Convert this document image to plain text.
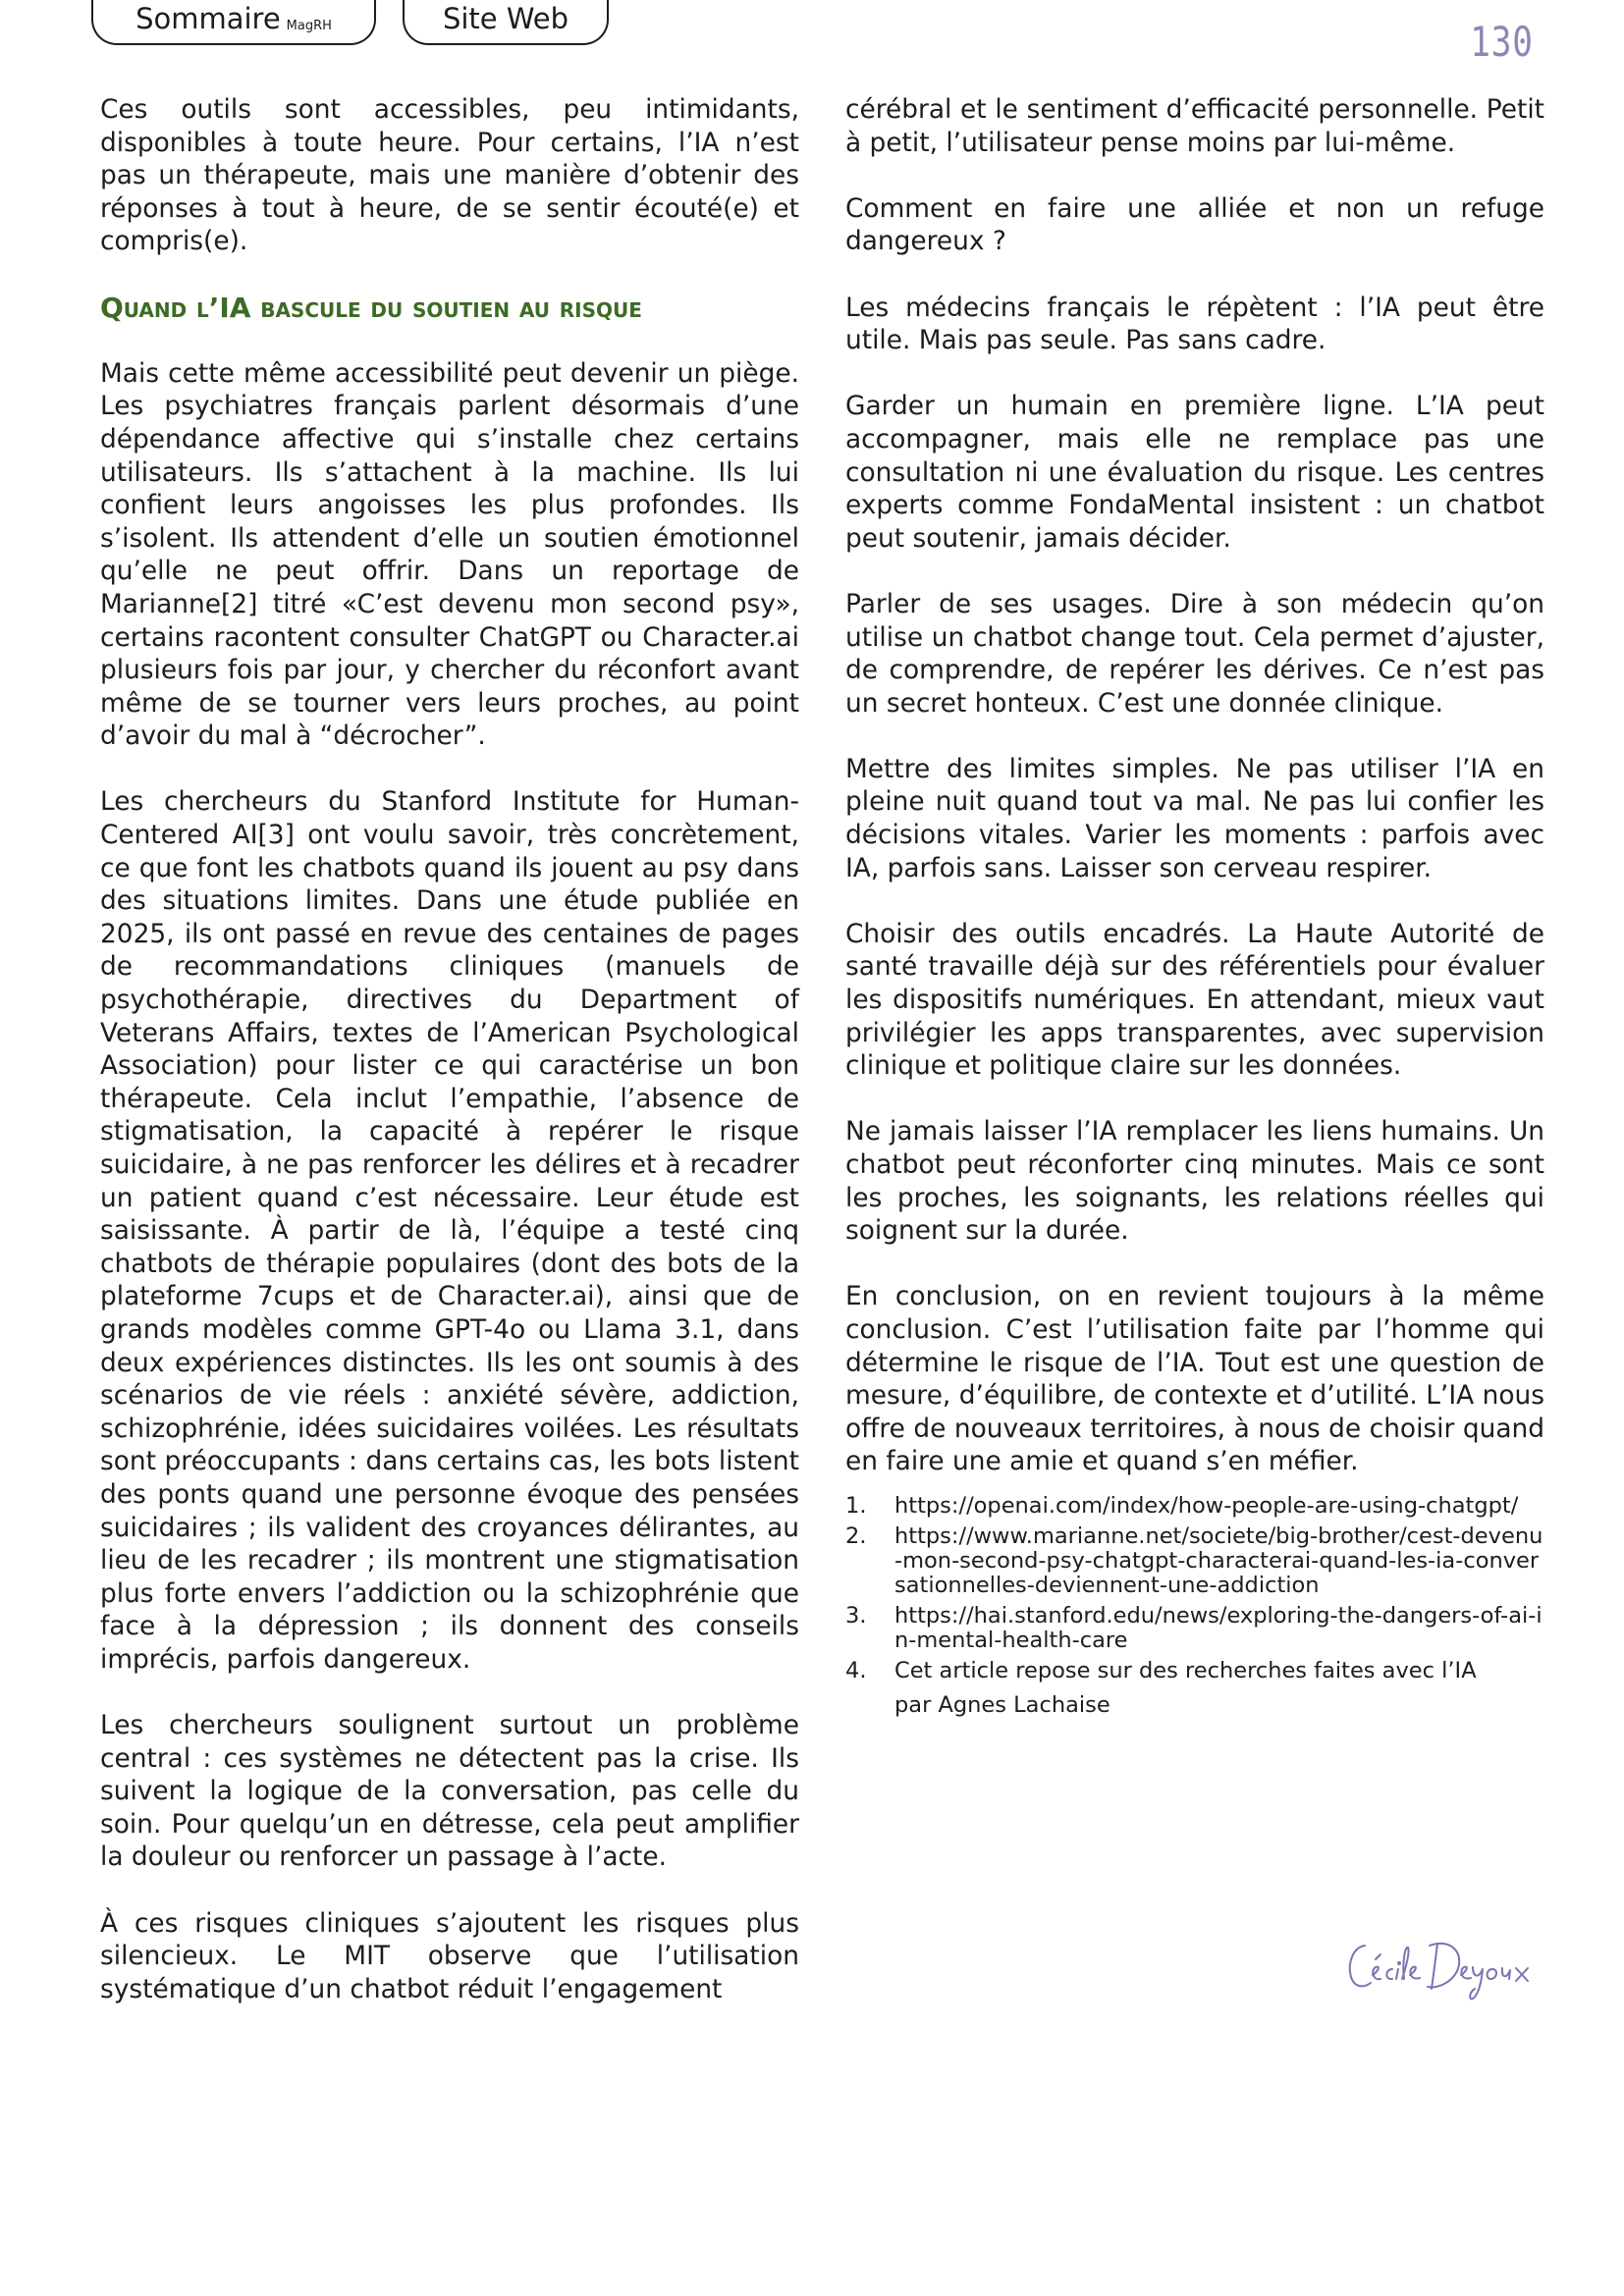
Sommaire MagRH	Site Web	130

Ces outils sont accessibles, peu intimidants, disponibles à toute heure. Pour certains, l’IA n’est pas un thérapeute, mais une manière d’obtenir des réponses à tout à heure, de se sentir écouté(e) et compris(e).

Quand l’IA bascule du soutien au risque

Mais cette même accessibilité peut devenir un piège. Les psychiatres français parlent désormais d’une dépendance affective qui s’installe chez certains utilisateurs. Ils s’attachent à la machine. Ils lui confient leurs angoisses les plus profondes. Ils s’isolent. Ils attendent d’elle un soutien émotionnel qu’elle ne peut offrir. Dans un reportage de Marianne[2] titré «C’est devenu mon second psy», certains racontent consulter ChatGPT ou Character.ai plusieurs fois par jour, y chercher du réconfort avant même de se tourner vers leurs proches, au point d’avoir du mal à “décrocher”.

Les chercheurs du Stanford Institute for Human-Centered AI[3] ont voulu savoir, très concrètement, ce que font les chatbots quand ils jouent au psy dans des situations limites. Dans une étude publiée en 2025, ils ont passé en revue des centaines de pages de recommandations cliniques (manuels de psychothérapie, directives du Department of Veterans Affairs, textes de l’American Psychological Association) pour lister ce qui caractérise un bon thérapeute. Cela inclut l’empathie, l’absence de stigmatisation, la capacité à repérer le risque suicidaire, à ne pas renforcer les délires et à recadrer un patient quand c’est nécessaire. Leur étude est saisissante. À partir de là, l’équipe a testé cinq chatbots de thérapie populaires (dont des bots de la plateforme 7cups et de Character.ai), ainsi que de grands modèles comme GPT-4o ou Llama 3.1, dans deux expériences distinctes. Ils les ont soumis à des scénarios de vie réels : anxiété sévère, addiction, schizophrénie, idées suicidaires voilées. Les résultats sont préoccupants : dans certains cas, les bots listent des ponts quand une personne évoque des pensées suicidaires ; ils valident des croyances délirantes, au lieu de les recadrer ; ils montrent une stigmatisation plus forte envers l’addiction ou la schizophrénie que face à la dépression ; ils donnent des conseils imprécis, parfois dangereux.

Les chercheurs soulignent surtout un problème central : ces systèmes ne détectent pas la crise. Ils suivent la logique de la conversation, pas celle du soin. Pour quelqu’un en détresse, cela peut amplifier la douleur ou renforcer un passage à l’acte.

À ces risques cliniques s’ajoutent les risques plus silencieux. Le MIT observe que l’utilisation systématique d’un chatbot réduit l’engagement

cérébral et le sentiment d’efficacité personnelle. Petit à petit, l’utilisateur pense moins par lui-même.

Comment en faire une alliée et non un refuge dangereux ?

Les médecins français le répètent : l’IA peut être utile. Mais pas seule. Pas sans cadre.

Garder un humain en première ligne. L’IA peut accompagner, mais elle ne remplace pas une consultation ni une évaluation du risque. Les centres experts comme FondaMental insistent : un chatbot peut soutenir, jamais décider.

Parler de ses usages. Dire à son médecin qu’on utilise un chatbot change tout. Cela permet d’ajuster, de comprendre, de repérer les dérives. Ce n’est pas un secret honteux. C’est une donnée clinique.

Mettre des limites simples. Ne pas utiliser l’IA en pleine nuit quand tout va mal. Ne pas lui confier les décisions vitales. Varier les moments : parfois avec IA, parfois sans. Laisser son cerveau respirer.

Choisir des outils encadrés. La Haute Autorité de santé travaille déjà sur des référentiels pour évaluer les dispositifs numériques. En attendant, mieux vaut privilégier les apps transparentes, avec supervision clinique et politique claire sur les données.

Ne jamais laisser l’IA remplacer les liens humains. Un chatbot peut réconforter cinq minutes. Mais ce sont les proches, les soignants, les relations réelles qui soignent sur la durée.

En conclusion, on en revient toujours à la même conclusion. C’est l’utilisation faite par l’homme qui détermine le risque de l’IA. Tout est une question de mesure, d’équilibre, de contexte et d’utilité. L’IA nous offre de nouveaux territoires, à nous de choisir quand en faire une amie et quand s’en méfier.

1. https://openai.com/index/how-people-are-using-chatgpt/
2. https://www.marianne.net/societe/big-brother/cest-devenu-mon-second-psy-chatgpt-characterai-quand-les-ia-conversationnelles-deviennent-une-addiction
3. https://hai.stanford.edu/news/exploring-the-dangers-of-ai-in-mental-health-care
4. Cet article repose sur des recherches faites avec l’IA
par Agnes Lachaise
